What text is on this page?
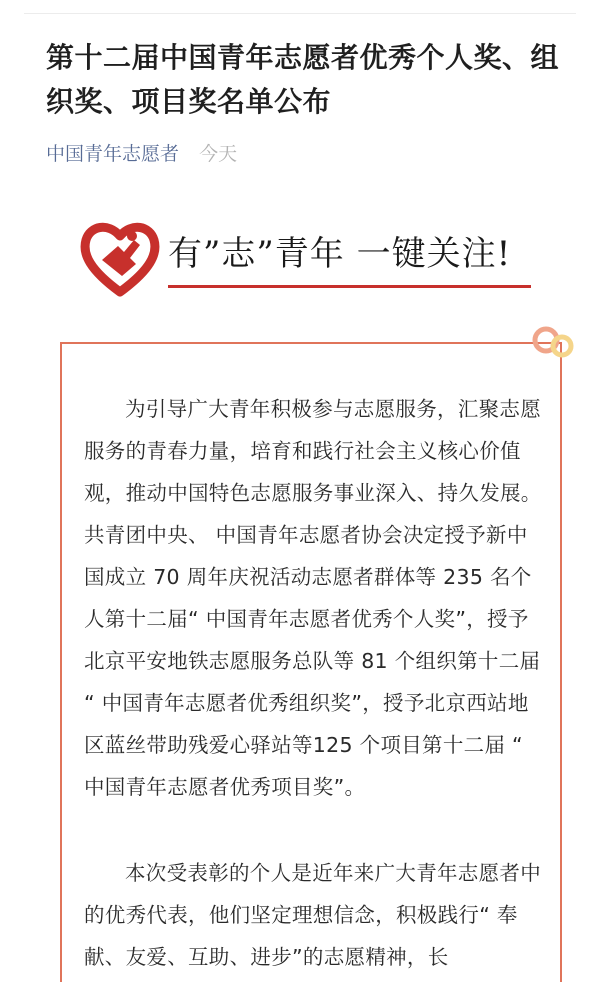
第十二届中国青年志愿者优秀个人奖、组织奖、项目奖名单公布
中国青年志愿者 今天
有”志”青年 一键关注!

为引导广大青年积极参与志愿服务，汇聚志愿服务的青春力量，培育和践行社会主义核心价值观，推动中国特色志愿服务事业深入、持久发展。共青团中央、 中国青年志愿者协会决定授予新中国成立 70 周年庆祝活动志愿者群体等 235 名个人第十二届“ 中国青年志愿者优秀个人奖”，授予北京平安地铁志愿服务总队等 81 个组织第十二届 “ 中国青年志愿者优秀组织奖”，授予北京西站地区蓝丝带助残爱心驿站等125 个项目第十二届 “ 中国青年志愿者优秀项目奖”。

本次受表彰的个人是近年来广大青年志愿者中的优秀代表，他们坚定理想信念，积极践行“ 奉献、友爱、互助、进步”的志愿精神，长
